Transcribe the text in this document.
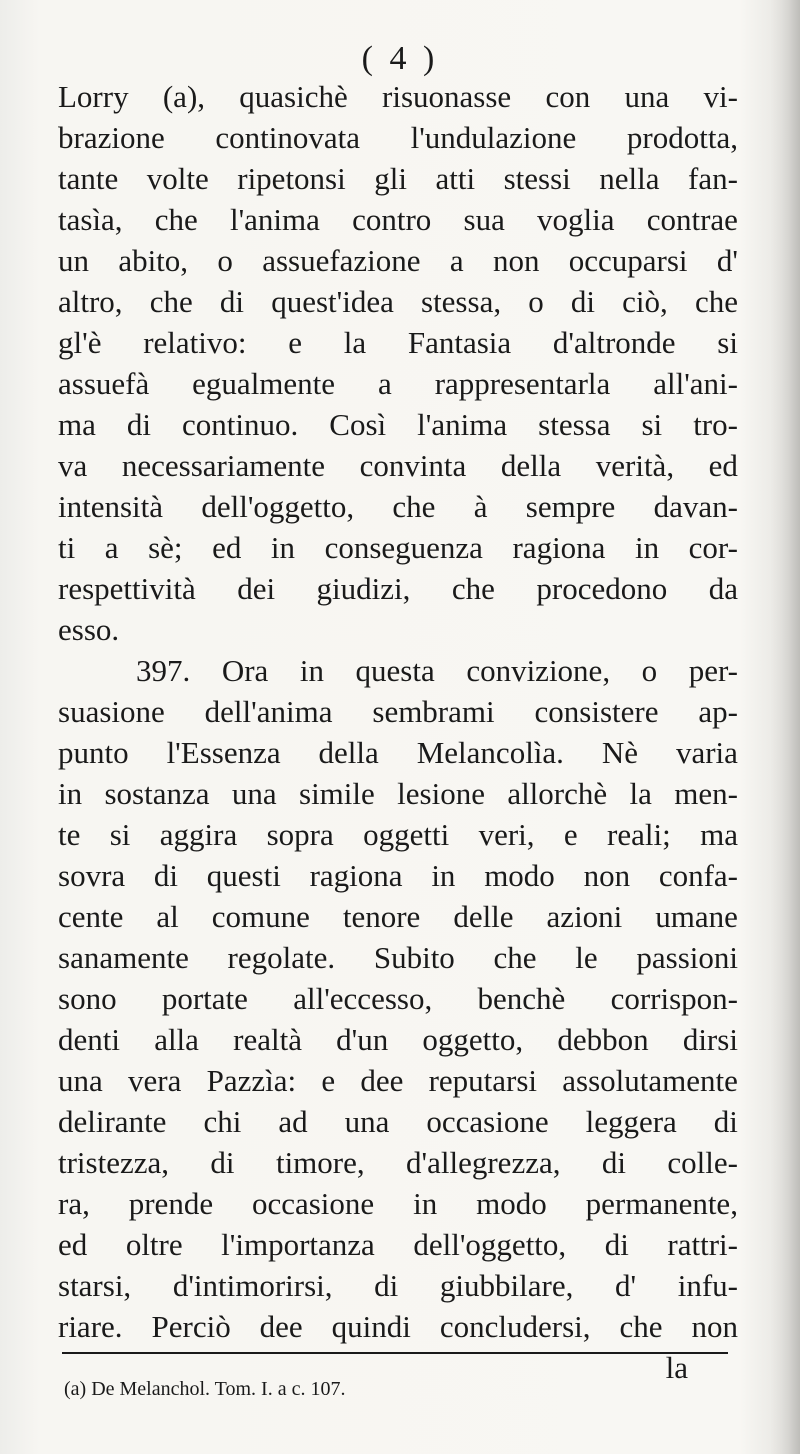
( 4 )
Lorry (a), quasichè risuonasse con una vi-
brazione continovata l'undulazione prodotta,
tante volte ripetonsi gli atti stessi nella fan-
tasìa, che l'anima contro sua voglia contrae
un abito, o assuefazione a non occuparsi d'
altro, che di quest'idea stessa, o di ciò, che
gl'è relativo: e la Fantasia d'altronde si
assuefà egualmente a rappresentarla all'ani-
ma di continuo. Così l'anima stessa si tro-
va necessariamente convinta della verità, ed
intensità dell'oggetto, che à sempre davan-
ti a sè; ed in conseguenza ragiona in cor-
respettività dei giudizi, che procedono da
esso.
397. Ora in questa convizione, o per-
suasione dell'anima sembrami consistere ap-
punto l'Essenza della Melancolìa. Nè varia
in sostanza una simile lesione allorchè la men-
te si aggira sopra oggetti veri, e reali; ma
sovra di questi ragiona in modo non confa-
cente al comune tenore delle azioni umane
sanamente regolate. Subito che le passioni
sono portate all'eccesso, benchè corrispon-
denti alla realtà d'un oggetto, debbon dirsi
una vera Pazzìa: e dee reputarsi assolutamente
delirante chi ad una occasione leggera di
tristezza, di timore, d'allegrezza, di colle-
ra, prende occasione in modo permanente,
ed oltre l'importanza dell'oggetto, di rattri-
starsi, d'intimorirsi, di giubbilare, d' infu-
riare. Perciò dee quindi concludersi, che non
la
(a) De Melanchol. Tom. I. a c. 107.
